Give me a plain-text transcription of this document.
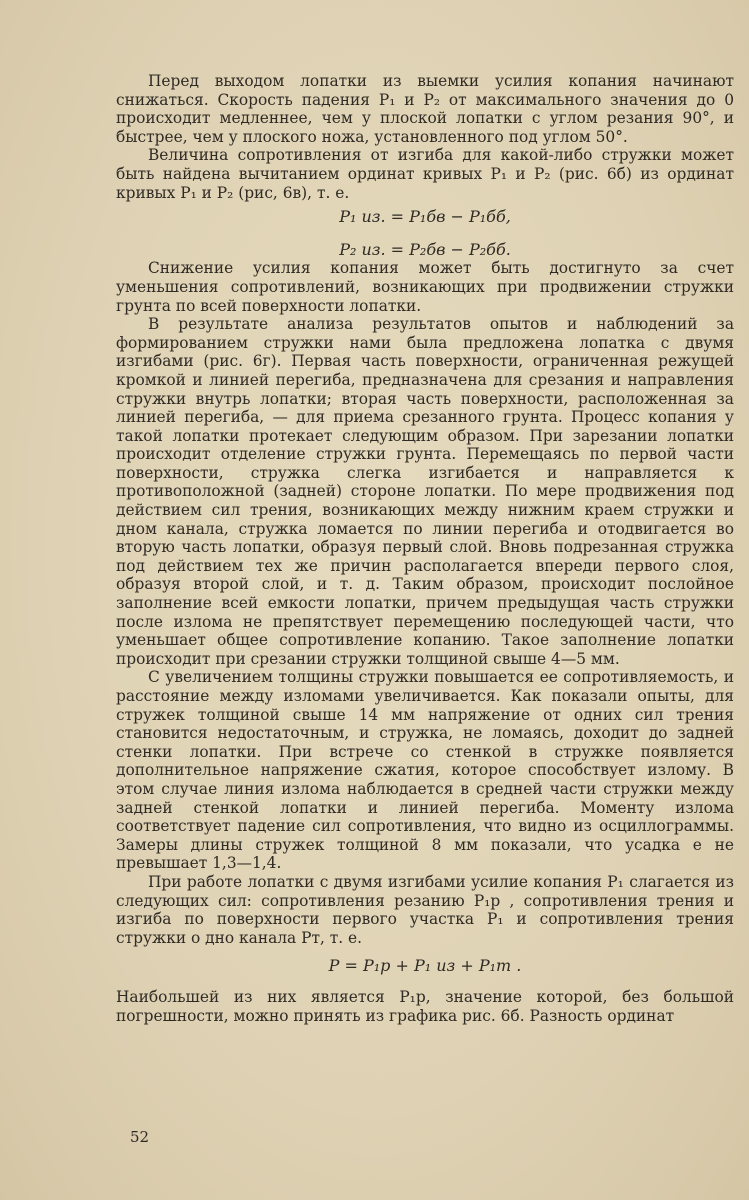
Перед выходом лопатки из выемки усилия копания начинают снижаться. Скорость падения P₁ и P₂ от максимального значения до 0 происходит медленнее, чем у плоской лопатки с углом резания 90°, и быстрее, чем у плоского ножа, установленного под углом 50°.

Величина сопротивления от изгиба для какой-либо стружки может быть найдена вычитанием ординат кривых P₁ и P₂ (рис. 6б) из ординат кривых P₁ и P₂ (рис, 6в), т. е.

P₁ из. = P₁бв − P₁бб,
P₂ из. = P₂бв − P₂бб.

Снижение усилия копания может быть достигнуто за счет уменьшения сопротивлений, возникающих при продвижении стружки грунта по всей поверхности лопатки.

В результате анализа результатов опытов и наблюдений за формированием стружки нами была предложена лопатка с двумя изгибами (рис. 6г). Первая часть поверхности, ограниченная режущей кромкой и линией перегиба, предназначена для срезания и направления стружки внутрь лопатки; вторая часть поверхности, расположенная за линией перегиба, — для приема срезанного грунта. Процесс копания у такой лопатки протекает следующим образом. При зарезании лопатки происходит отделение стружки грунта. Перемещаясь по первой части поверхности, стружка слегка изгибается и направляется к противоположной (задней) стороне лопатки. По мере продвижения под действием сил трения, возникающих между нижним краем стружки и дном канала, стружка ломается по линии перегиба и отодвигается во вторую часть лопатки, образуя первый слой. Вновь подрезанная стружка под действием тех же причин располагается впереди первого слоя, образуя второй слой, и т. д. Таким образом, происходит послойное заполнение всей емкости лопатки, причем предыдущая часть стружки после излома не препятствует перемещению последующей части, что уменьшает общее сопротивление копанию. Такое заполнение лопатки происходит при срезании стружки толщиной свыше 4—5 мм.

С увеличением толщины стружки повышается ее сопротивляемость, и расстояние между изломами увеличивается. Как показали опыты, для стружек толщиной свыше 14 мм напряжение от одних сил трения становится недостаточным, и стружка, не ломаясь, доходит до задней стенки лопатки. При встрече со стенкой в стружке появляется дополнительное напряжение сжатия, которое способствует излому. В этом случае линия излома наблюдается в средней части стружки между задней стенкой лопатки и линией перегиба. Моменту излома соответствует падение сил сопротивления, что видно из осциллограммы. Замеры длины стружек толщиной 8 мм показали, что усадка e не превышает 1,3—1,4.

При работе лопатки с двумя изгибами усилие копания P₁ слагается из следующих сил: сопротивления резанию P₁р , сопротивления трения и изгиба по поверхности первого участка P₁ и сопротивления трения стружки о дно канала Pт, т. е.

P = P₁р + P₁ из + P₁т .

Наибольшей из них является P₁р, значение которой, без большой погрешности, можно принять из графика рис. 6б. Разность ординат

52
